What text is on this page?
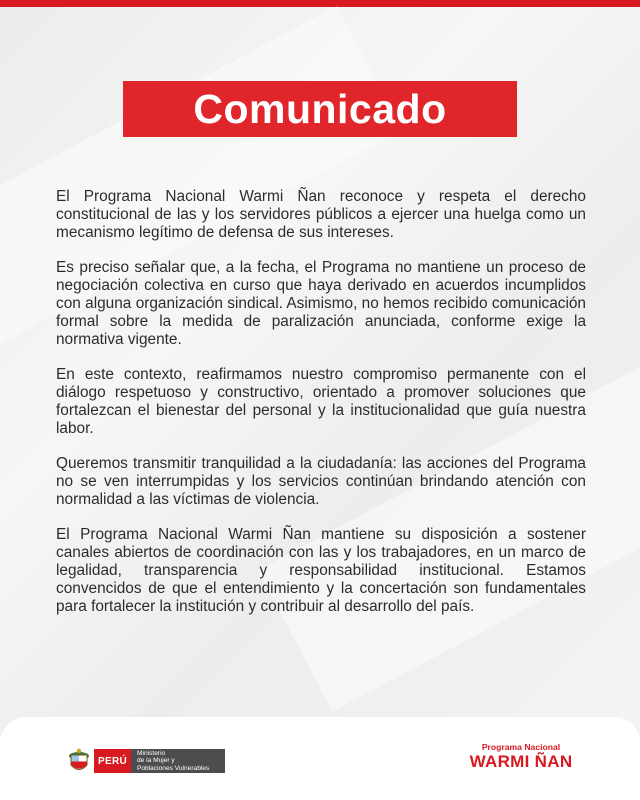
Comunicado

El Programa Nacional Warmi Ñan reconoce y respeta el derecho constitucional de las y los servidores públicos a ejercer una huelga como un mecanismo legítimo de defensa de sus intereses.

Es preciso señalar que, a la fecha, el Programa no mantiene un proceso de negociación colectiva en curso que haya derivado en acuerdos incumplidos con alguna organización sindical. Asimismo, no hemos recibido comunicación formal sobre la medida de paralización anunciada, conforme exige la normativa vigente.

En este contexto, reafirmamos nuestro compromiso permanente con el diálogo respetuoso y constructivo, orientado a promover soluciones que fortalezcan el bienestar del personal y la institucionalidad que guía nuestra labor.

Queremos transmitir tranquilidad a la ciudadanía: las acciones del Programa no se ven interrumpidas y los servicios continúan brindando atención con normalidad a las víctimas de violencia.

El Programa Nacional Warmi Ñan mantiene su disposición a sostener canales abiertos de coordinación con las y los trabajadores, en un marco de legalidad, transparencia y responsabilidad institucional. Estamos convencidos de que el entendimiento y la concertación son fundamentales para fortalecer la institución y contribuir al desarrollo del país.

PERÚ
Ministerio
de la Mujer y
Poblaciones Vulnerables
Programa Nacional
WARMI ÑAN
